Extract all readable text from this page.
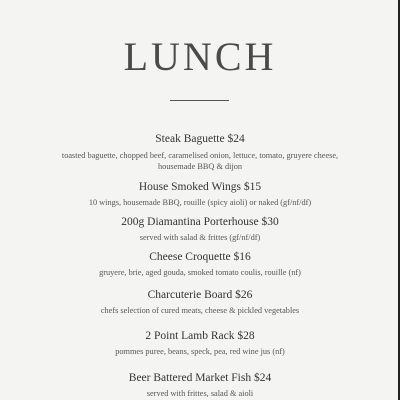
LUNCH
Steak Baguette $24
toasted baguette, chopped beef, caramelised onion, lettuce, tomato, gruyere cheese,
housemade BBQ & dijon
House Smoked Wings $15
10 wings, housemade BBQ, rouille (spicy aioli) or naked (gf/nf/df)
200g Diamantina Porterhouse $30
served with salad & frittes (gf/nf/df)
Cheese Croquette $16
gruyere, brie, aged gouda, smoked tomato coulis, rouille (nf)
Charcuterie Board $26
chefs selection of cured meats, cheese & pickled vegetables
2 Point Lamb Rack $28
pommes puree, beans, speck, pea, red wine jus (nf)
Beer Battered Market Fish $24
served with frittes, salad & aioli
